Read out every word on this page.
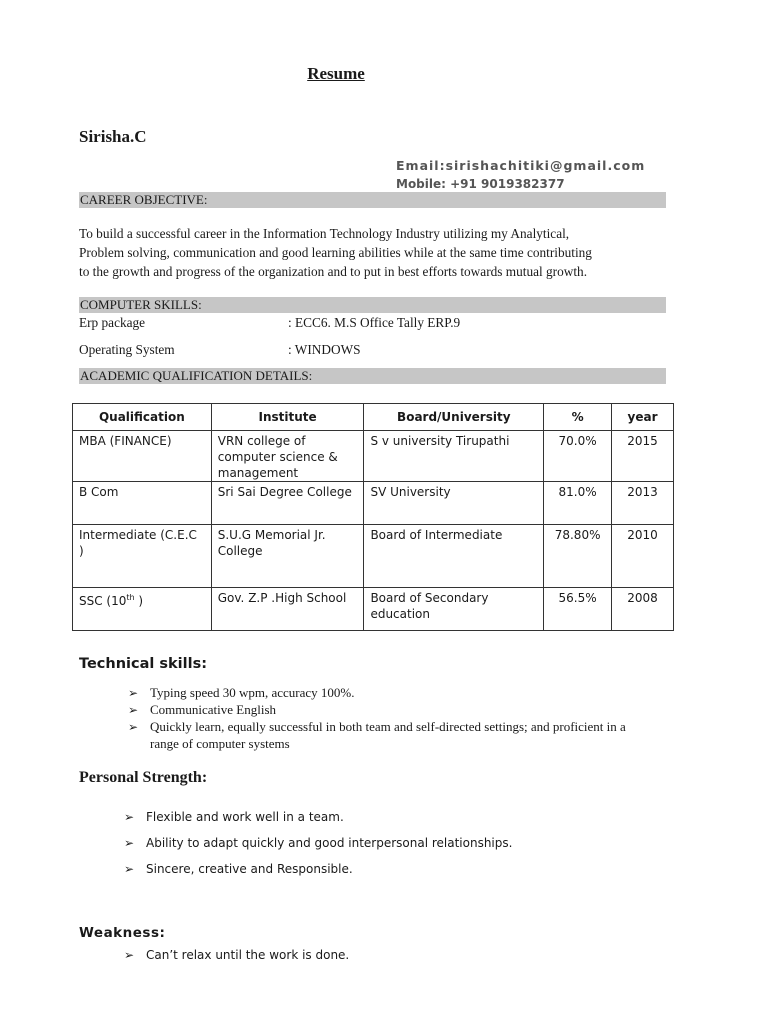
Resume
Sirisha.C
Email:sirishachitiki@gmail.com
Mobile: +91 9019382377
CAREER OBJECTIVE:
To build a successful career in the Information Technology Industry utilizing my Analytical,
Problem solving, communication and good learning abilities while at the same time contributing
to the growth and progress of the organization and to put in best efforts towards mutual growth.
COMPUTER SKILLS:
Erp package	: ECC6. M.S Office Tally ERP.9
Operating System	: WINDOWS
ACADEMIC QUALIFICATION DETAILS:
Qualification	Institute	Board/University	%	year
MBA (FINANCE)	VRN college of computer science & management	S v university Tirupathi	70.0%	2015
B Com	Sri Sai Degree College	SV University	81.0%	2013
Intermediate (C.E.C )	S.U.G Memorial Jr. College	Board of Intermediate	78.80%	2010
SSC (10th )	Gov. Z.P .High School	Board of Secondary education	56.5%	2008
Technical skills:
➢ Typing speed 30 wpm, accuracy 100%.
➢ Communicative English
➢ Quickly learn, equally successful in both team and self-directed settings; and proficient in a
range of computer systems
Personal Strength:
➢ Flexible and work well in a team.
➢ Ability to adapt quickly and good interpersonal relationships.
➢ Sincere, creative and Responsible.
Weakness:
➢ Can’t relax until the work is done.
